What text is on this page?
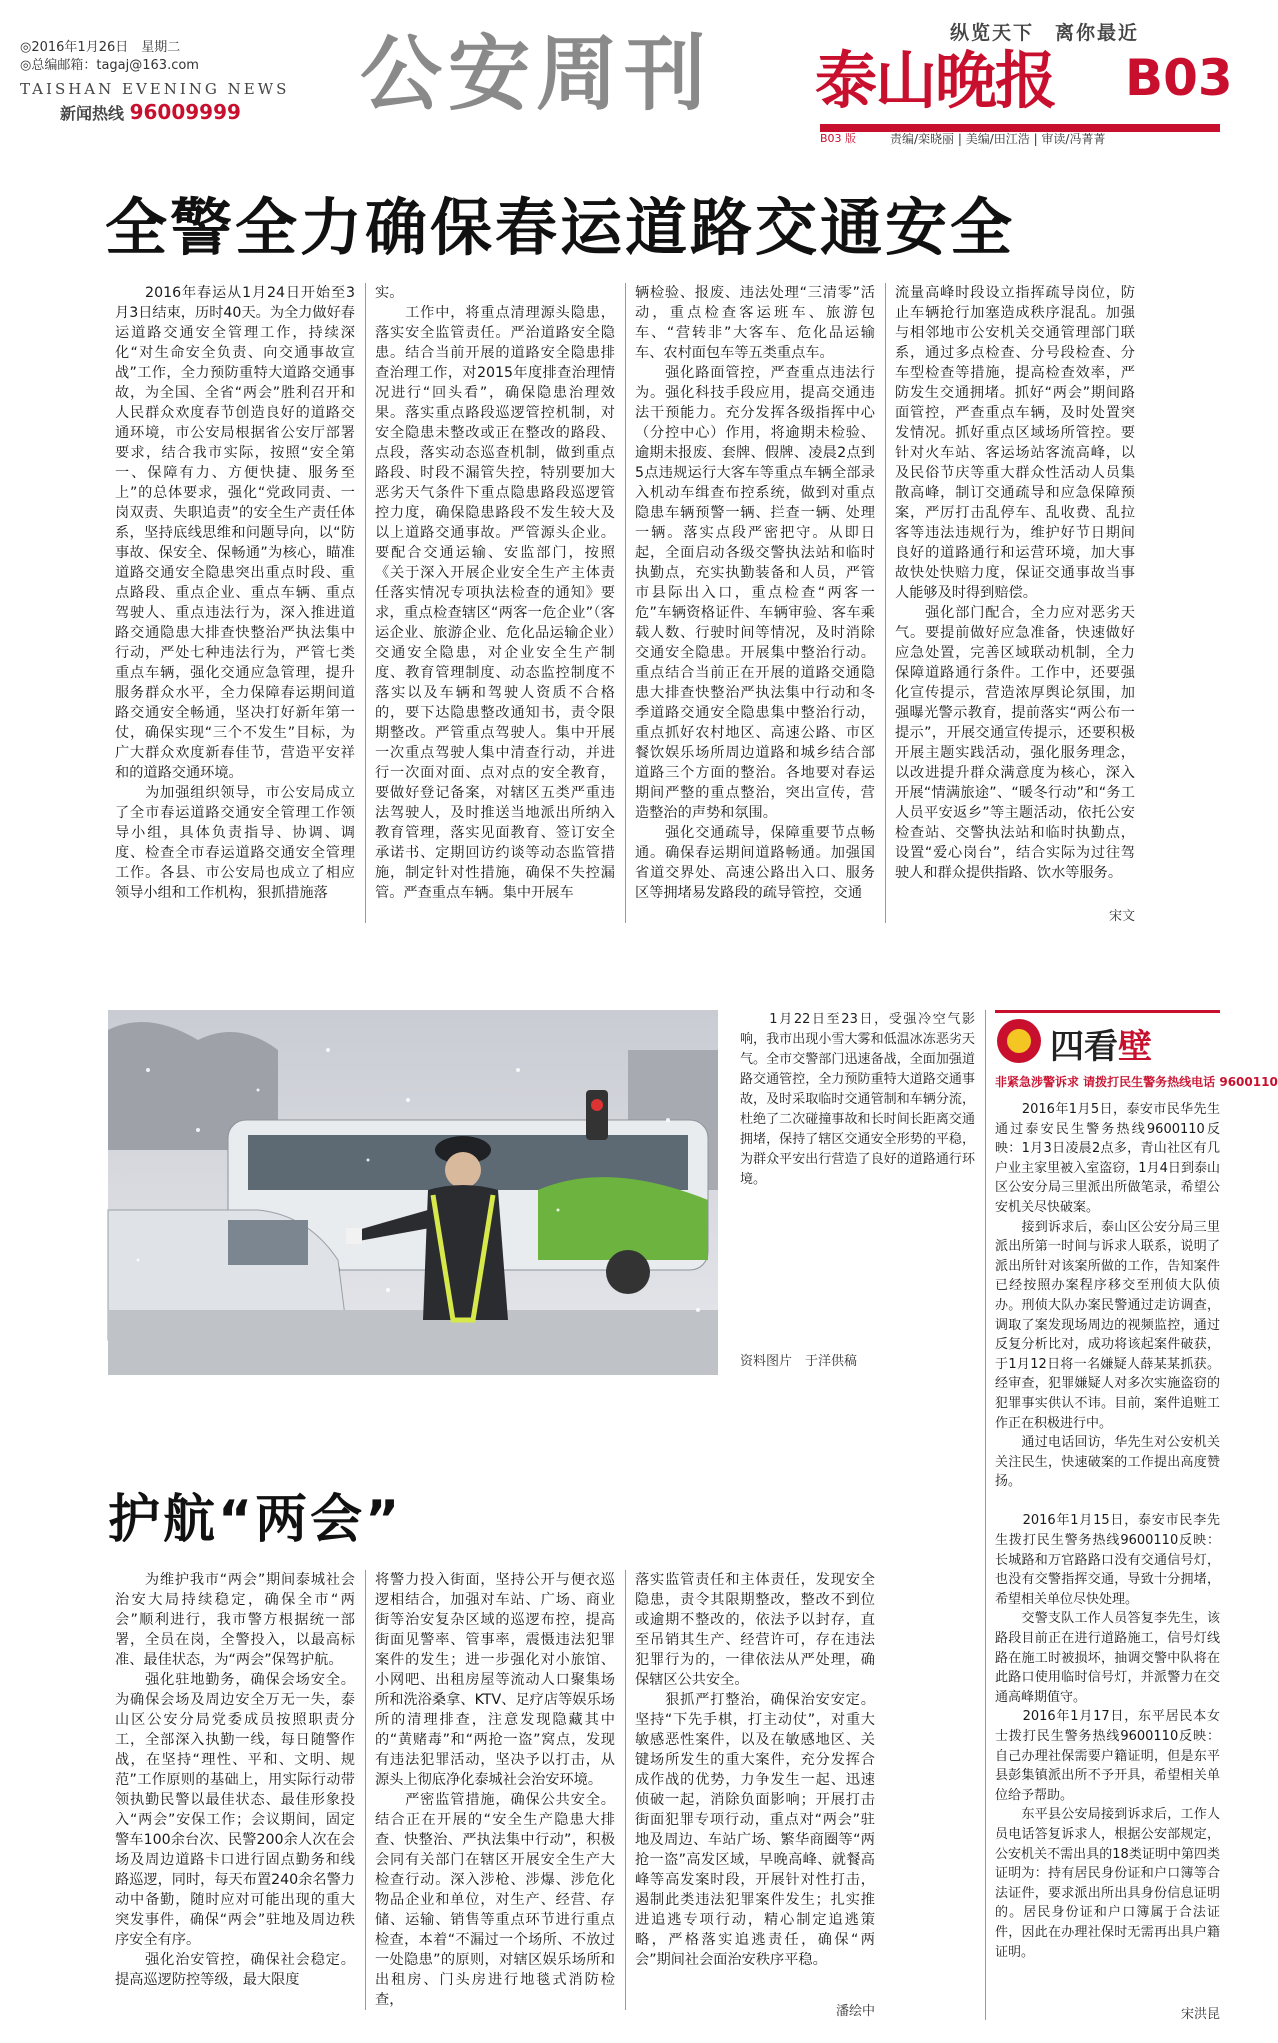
◎2016年1月26日　星期二
◎总编邮箱：tagaj@163.com
TAISHAN EVENING NEWS
新闻热线 96009999 公安周刊	纵览天下　离你最近
泰山晚报 B03
B03 版	责编/栾晓丽 | 美编/田江浩 | 审读/冯菁菁
全警全力确保春运道路交通安全
　　2016年春运从1月24日开始至3月3日结束，历时40天。为全力做好春运道路交通安全管理工作，持续深化“对生命安全负责、向交通事故宣战”工作，全力预防重特大道路交通事故，为全国、全省“两会”胜利召开和人民群众欢度春节创造良好的道路交通环境，市公安局根据省公安厅部署要求，结合我市实际，按照“安全第一、保障有力、方便快捷、服务至上”的总体要求，强化“党政同责、一岗双责、失职追责”的安全生产责任体系，坚持底线思维和问题导向，以“防事故、保安全、保畅通”为核心，瞄准道路交通安全隐患突出重点时段、重点路段、重点企业、重点车辆、重点驾驶人、重点违法行为，深入推进道路交通隐患大排查快整治严执法集中行动，严处七种违法行为，严管七类重点车辆，强化交通应急管理，提升服务群众水平，全力保障春运期间道路交通安全畅通，坚决打好新年第一仗，确保实现“三个不发生”目标，为广大群众欢度新春佳节，营造平安祥和的道路交通环境。
　　为加强组织领导，市公安局成立了全市春运道路交通安全管理工作领导小组，具体负责指导、协调、调度、检查全市春运道路交通安全管理工作。各县、市公安局也成立了相应领导小组和工作机构，狠抓措施落
实。
　　工作中，将重点清理源头隐患，落实安全监管责任。严治道路安全隐患。结合当前开展的道路安全隐患排查治理工作，对2015年度排查治理情况进行“回头看”，确保隐患治理效果。落实重点路段巡逻管控机制，对安全隐患未整改或正在整改的路段、点段，落实动态巡查机制，做到重点路段、时段不漏管失控，特别要加大恶劣天气条件下重点隐患路段巡逻管控力度，确保隐患路段不发生较大及以上道路交通事故。严管源头企业。要配合交通运输、安监部门，按照《关于深入开展企业安全生产主体责任落实情况专项执法检查的通知》要求，重点检查辖区“两客一危企业”（客运企业、旅游企业、危化品运输企业）交通安全隐患，对企业安全生产制度、教育管理制度、动态监控制度不落实以及车辆和驾驶人资质不合格的，要下达隐患整改通知书，责令限期整改。严管重点驾驶人。集中开展一次重点驾驶人集中清查行动，并进行一次面对面、点对点的安全教育，要做好登记备案，对辖区五类严重违法驾驶人，及时推送当地派出所纳入教育管理，落实见面教育、签订安全承诺书、定期回访约谈等动态监管措施，制定针对性措施，确保不失控漏管。严查重点车辆。集中开展车
辆检验、报废、违法处理“三清零”活动，重点检查客运班车、旅游包车、“营转非”大客车、危化品运输车、农村面包车等五类重点车。
　　强化路面管控，严查重点违法行为。强化科技手段应用，提高交通违法干预能力。充分发挥各级指挥中心（分控中心）作用，将逾期未检验、逾期未报废、套牌、假牌、凌晨2点到5点违规运行大客车等重点车辆全部录入机动车缉查布控系统，做到对重点隐患车辆预警一辆、拦查一辆、处理一辆。落实点段严密把守。从即日起，全面启动各级交警执法站和临时执勤点，充实执勤装备和人员，严管市县际出入口，重点检查“两客一危”车辆资格证件、车辆审验、客车乘载人数、行驶时间等情况，及时消除交通安全隐患。开展集中整治行动。重点结合当前正在开展的道路交通隐患大排查快整治严执法集中行动和冬季道路交通安全隐患集中整治行动，重点抓好农村地区、高速公路、市区餐饮娱乐场所周边道路和城乡结合部道路三个方面的整治。各地要对春运期间严整的重点整治，突出宣传，营造整治的声势和氛围。
　　强化交通疏导，保障重要节点畅通。确保春运期间道路畅通。加强国省道交界处、高速公路出入口、服务区等拥堵易发路段的疏导管控，交通
流量高峰时段设立指挥疏导岗位，防止车辆抢行加塞造成秩序混乱。加强与相邻地市公安机关交通管理部门联系，通过多点检查、分号段检查、分车型检查等措施，提高检查效率，严防发生交通拥堵。抓好“两会”期间路面管控，严查重点车辆，及时处置突发情况。抓好重点区域场所管控。要针对火车站、客运场站客流高峰，以及民俗节庆等重大群众性活动人员集散高峰，制订交通疏导和应急保障预案，严厉打击乱停车、乱收费、乱拉客等违法违规行为，维护好节日期间良好的道路通行和运营环境，加大事故快处快赔力度，保证交通事故当事人能够及时得到赔偿。
　　强化部门配合，全力应对恶劣天气。要提前做好应急准备，快速做好应急处置，完善区域联动机制，全力保障道路通行条件。工作中，还要强化宣传提示，营造浓厚舆论氛围，加强曝光警示教育，提前落实“两公布一提示”，开展交通宣传提示，还要积极开展主题实践活动，强化服务理念，以改进提升群众满意度为核心，深入开展“情满旅途”、“暖冬行动”和“务工人员平安返乡”等主题活动，依托公安检查站、交警执法站和临时执勤点，设置“爱心岗台”，结合实际为过往驾驶人和群众提供指路、饮水等服务。
宋文
　　1月22日至23日，受强冷空气影响，我市出现小雪大雾和低温冰冻恶劣天气。全市交警部门迅速备战，全面加强道路交通管控，全力预防重特大道路交通事故，及时采取临时交通管制和车辆分流，杜绝了二次碰撞事故和长时间长距离交通拥堵，保持了辖区交通安全形势的平稳，为群众平安出行营造了良好的道路通行环境。
资料图片　于洋供稿
四看壁
非紧急涉警诉求 请拨打民生警务热线电话 9600110
　　2016年1月5日，泰安市民华先生通过泰安民生警务热线9600110反映：1月3日凌晨2点多，青山社区有几户业主家里被入室盗窃，1月4日到泰山区公安分局三里派出所做笔录，希望公安机关尽快破案。
　　接到诉求后，泰山区公安分局三里派出所第一时间与诉求人联系，说明了派出所针对该案所做的工作，告知案件已经按照办案程序移交至刑侦大队侦办。刑侦大队办案民警通过走访调查，调取了案发现场周边的视频监控，通过反复分析比对，成功将该起案件破获，于1月12日将一名嫌疑人薛某某抓获。经审查，犯罪嫌疑人对多次实施盗窃的犯罪事实供认不讳。目前，案件追赃工作正在积极进行中。
　　通过电话回访，华先生对公安机关关注民生，快速破案的工作提出高度赞扬。

　　2016年1月15日，泰安市民李先生拨打民生警务热线9600110反映：长城路和万官路路口没有交通信号灯，也没有交警指挥交通，导致十分拥堵，希望相关单位尽快处理。
　　交警支队工作人员答复李先生，该路段目前正在进行道路施工，信号灯线路在施工时被损坏，抽调交警中队将在此路口使用临时信号灯，并派警力在交通高峰期值守。
　　2016年1月17日，东平居民本女士拨打民生警务热线9600110反映：自己办理社保需要户籍证明，但是东平县彭集镇派出所不予开具，希望相关单位给予帮助。
　　东平县公安局接到诉求后，工作人员电话答复诉求人，根据公安部规定，公安机关不需出具的18类证明中第四类证明为：持有居民身份证和户口簿等合法证件，要求派出所出具身份信息证明的。居民身份证和户口簿属于合法证件，因此在办理社保时无需再出具户籍证明。
宋洪昆
护航“两会”
　　为维护我市“两会”期间泰城社会治安大局持续稳定，确保全市“两会”顺利进行，我市警方根据统一部署，全员在岗，全警投入，以最高标准、最佳状态，为“两会”保驾护航。
　　强化驻地勤务，确保会场安全。为确保会场及周边安全万无一失，泰山区公安分局党委成员按照职责分工，全部深入执勤一线，每日随警作战，在坚持“理性、平和、文明、规范”工作原则的基础上，用实际行动带领执勤民警以最佳状态、最佳形象投入“两会”安保工作；会议期间，固定警车100余台次、民警200余人次在会场及周边道路卡口进行固点勤务和线路巡逻，同时，每天布置240余名警力动中备勤，随时应对可能出现的重大突发事件，确保“两会”驻地及周边秩序安全有序。
　　强化治安管控，确保社会稳定。提高巡逻防控等级，最大限度
将警力投入街面，坚持公开与便衣巡逻相结合，加强对车站、广场、商业街等治安复杂区域的巡逻布控，提高街面见警率、管事率，震慑违法犯罪案件的发生；进一步强化对小旅馆、小网吧、出租房屋等流动人口聚集场所和洗浴桑拿、KTV、足疗店等娱乐场所的清理排查，注意发现隐藏其中的“黄赌毒”和“两抢一盗”窝点，发现有违法犯罪活动，坚决予以打击，从源头上彻底净化泰城社会治安环境。
　　严密监管措施，确保公共安全。结合正在开展的“安全生产隐患大排查、快整治、严执法集中行动”，积极会同有关部门在辖区开展安全生产大检查行动。深入涉枪、涉爆、涉危化物品企业和单位，对生产、经营、存储、运输、销售等重点环节进行重点检查，本着“不漏过一个场所、不放过一处隐患”的原则，对辖区娱乐场所和出租房、门头房进行地毯式消防检查，
落实监管责任和主体责任，发现安全隐患，责令其限期整改，整改不到位或逾期不整改的，依法予以封存，直至吊销其生产、经营许可，存在违法犯罪行为的，一律依法从严处理，确保辖区公共安全。
　　狠抓严打整治，确保治安安定。坚持“下先手棋，打主动仗”，对重大敏感恶性案件，以及在敏感地区、关键场所发生的重大案件，充分发挥合成作战的优势，力争发生一起、迅速侦破一起，消除负面影响；开展打击街面犯罪专项行动，重点对“两会”驻地及周边、车站广场、繁华商圈等“两抢一盗”高发区域，早晚高峰、就餐高峰等高发案时段，开展针对性打击，遏制此类违法犯罪案件发生；扎实推进追逃专项行动，精心制定追逃策略，严格落实追逃责任，确保“两会”期间社会面治安秩序平稳。
潘绘中
